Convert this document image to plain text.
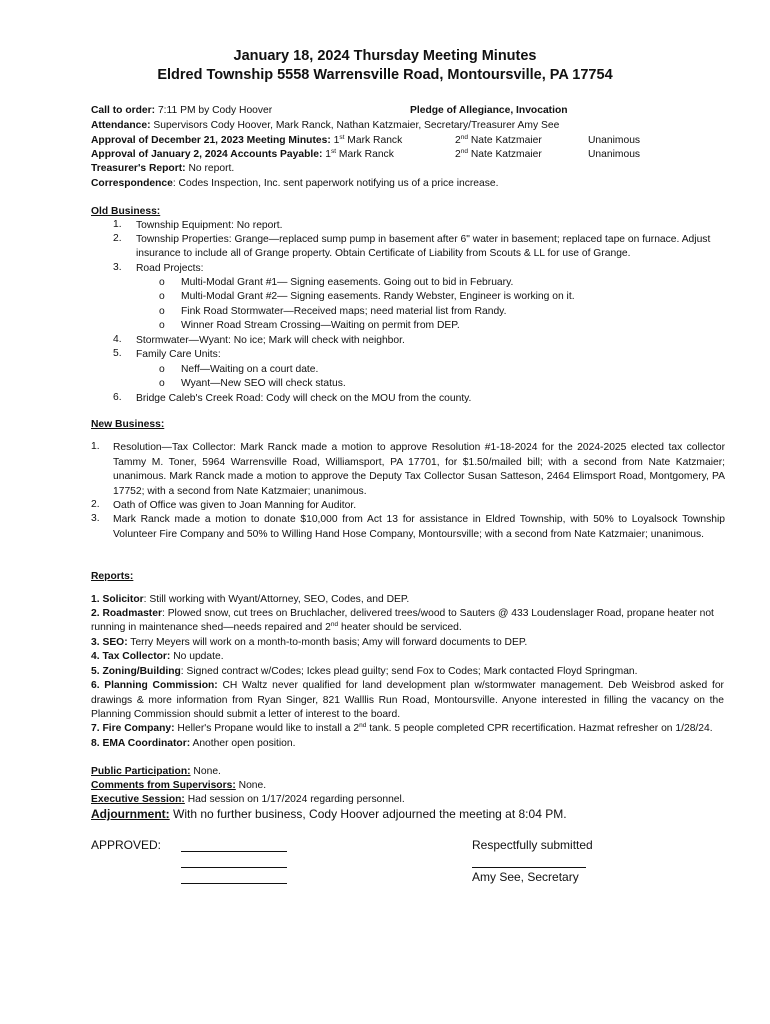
January 18, 2024 Thursday Meeting Minutes
Eldred Township 5558 Warrensville Road, Montoursville, PA 17754
Call to order: 7:11 PM by Cody Hoover	Pledge of Allegiance, Invocation
Attendance: Supervisors Cody Hoover, Mark Ranck, Nathan Katzmaier, Secretary/Treasurer Amy See
Approval of December 21, 2023 Meeting Minutes: 1st Mark Ranck	2nd Nate Katzmaier	Unanimous
Approval of January 2, 2024 Accounts Payable: 1st Mark Ranck	2nd Nate Katzmaier	Unanimous
Treasurer's Report: No report.
Correspondence: Codes Inspection, Inc. sent paperwork notifying us of a price increase.
Old Business:
1. Township Equipment: No report.
2. Township Properties: Grange—replaced sump pump in basement after 6" water in basement; replaced tape on furnace. Adjust
insurance to include all of Grange property. Obtain Certificate of Liability from Scouts & LL for use of Grange.
3. Road Projects:
o Multi-Modal Grant #1— Signing easements. Going out to bid in February.
o Multi-Modal Grant #2— Signing easements. Randy Webster, Engineer is working on it.
o Fink Road Stormwater—Received maps; need material list from Randy.
o Winner Road Stream Crossing—Waiting on permit from DEP.
4. Stormwater—Wyant: No ice; Mark will check with neighbor.
5. Family Care Units:
o Neff—Waiting on a court date.
o Wyant—New SEO will check status.
6. Bridge Caleb's Creek Road: Cody will check on the MOU from the county.
New Business:
1. Resolution—Tax Collector: Mark Ranck made a motion to approve Resolution #1-18-2024 for the 2024-2025 elected tax collector Tammy M. Toner, 5964 Warrensville Road, Williamsport, PA 17701, for $1.50/mailed bill; with a second from Nate Katzmaier; unanimous. Mark Ranck made a motion to approve the Deputy Tax Collector Susan Satteson, 2464 Elimsport Road, Montgomery, PA 17752; with a second from Nate Katzmaier; unanimous.
2. Oath of Office was given to Joan Manning for Auditor.
3. Mark Ranck made a motion to donate $10,000 from Act 13 for assistance in Eldred Township, with 50% to Loyalsock Township Volunteer Fire Company and 50% to Willing Hand Hose Company, Montoursville; with a second from Nate Katzmaier; unanimous.
Reports:
1. Solicitor: Still working with Wyant/Attorney, SEO, Codes, and DEP.
2. Roadmaster: Plowed snow, cut trees on Bruchlacher, delivered trees/wood to Sauters @ 433 Loudenslager Road, propane heater not
running in maintenance shed—needs repaired and 2nd heater should be serviced.
3. SEO: Terry Meyers will work on a month-to-month basis; Amy will forward documents to DEP.
4. Tax Collector: No update.
5. Zoning/Building: Signed contract w/Codes; Ickes plead guilty; send Fox to Codes; Mark contacted Floyd Springman.
6. Planning Commission: CH Waltz never qualified for land development plan w/stormwater management. Deb Weisbrod asked for drawings & more information from Ryan Singer, 821 Walllis Run Road, Montoursville. Anyone interested in filling the vacancy on the Planning Commission should submit a letter of interest to the board.
7. Fire Company: Heller's Propane would like to install a 2nd tank. 5 people completed CPR recertification. Hazmat refresher on 1/28/24.
8. EMA Coordinator: Another open position.
Public Participation: None.
Comments from Supervisors: None.
Executive Session: Had session on 1/17/2024 regarding personnel.
Adjournment: With no further business, Cody Hoover adjourned the meeting at 8:04 PM.
APPROVED:	Respectfully submitted
Amy See, Secretary
